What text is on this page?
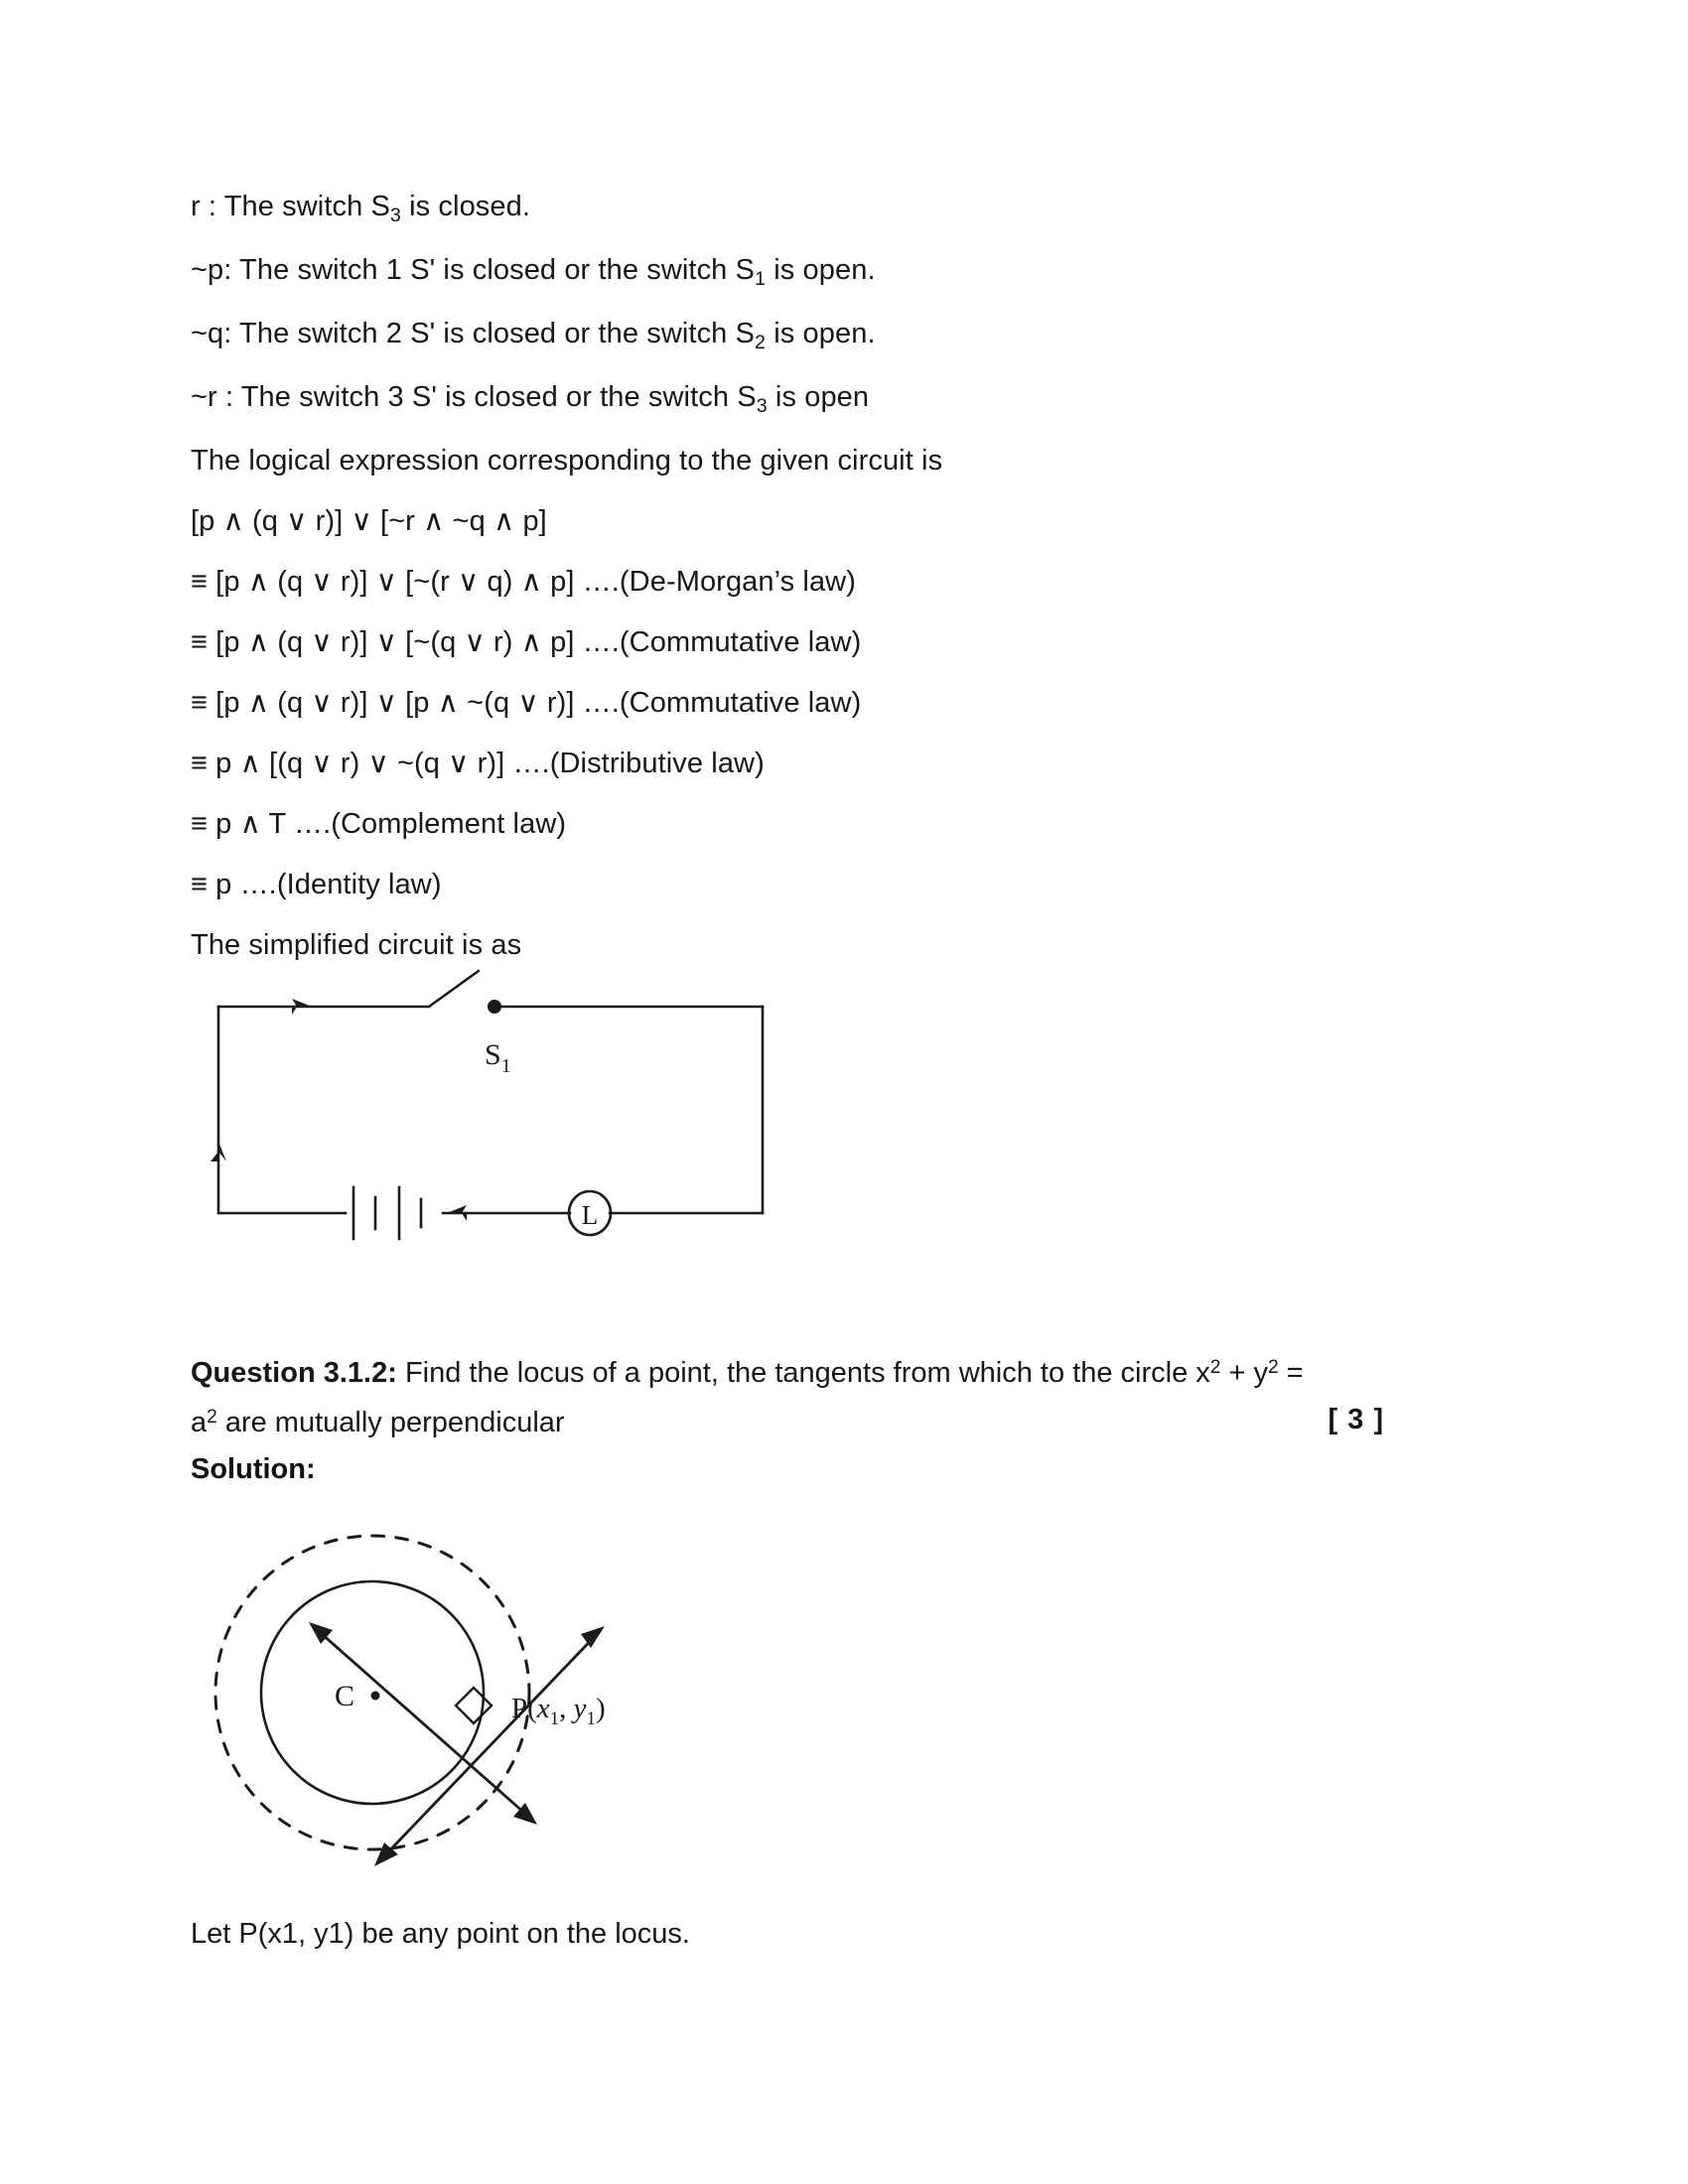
r : The switch $S_3$ is closed.
~p: The switch 1 S' is closed or the switch $S_1$ is open.
~q: The switch 2 S' is closed or the switch $S_2$ is open.
~r : The switch 3 S' is closed or the switch $S_3$ is open
The logical expression corresponding to the given circuit is
[p ∧ (q ∨ r)] ∨ [~r ∧ ~q ∧ p]
≡ [p ∧ (q ∨ r)] ∨ [~(r ∨ q) ∧ p] ….(De-Morgan’s law)
≡ [p ∧ (q ∨ r)] ∨ [~(q ∨ r) ∧ p] ….(Commutative law)
≡ [p ∧ (q ∨ r)] ∨ [p ∧ ~(q ∨ r)] ….(Commutative law)
≡ p ∧ [(q ∨ r) ∨ ~(q ∨ r)] ….(Distributive law)
≡ p ∧ T ….(Complement law)
≡ p ….(Identity law)
The simplified circuit is as
$S_1$
L
Question 3.1.2: Find the locus of a point, the tangents from which to the circle $x^2 + y^2$ =
$a^2$ are mutually perpendicular	[ 3 ]
Solution:
C	$P(x_1$, $y_1$)
Let P(x1, y1) be any point on the locus.
